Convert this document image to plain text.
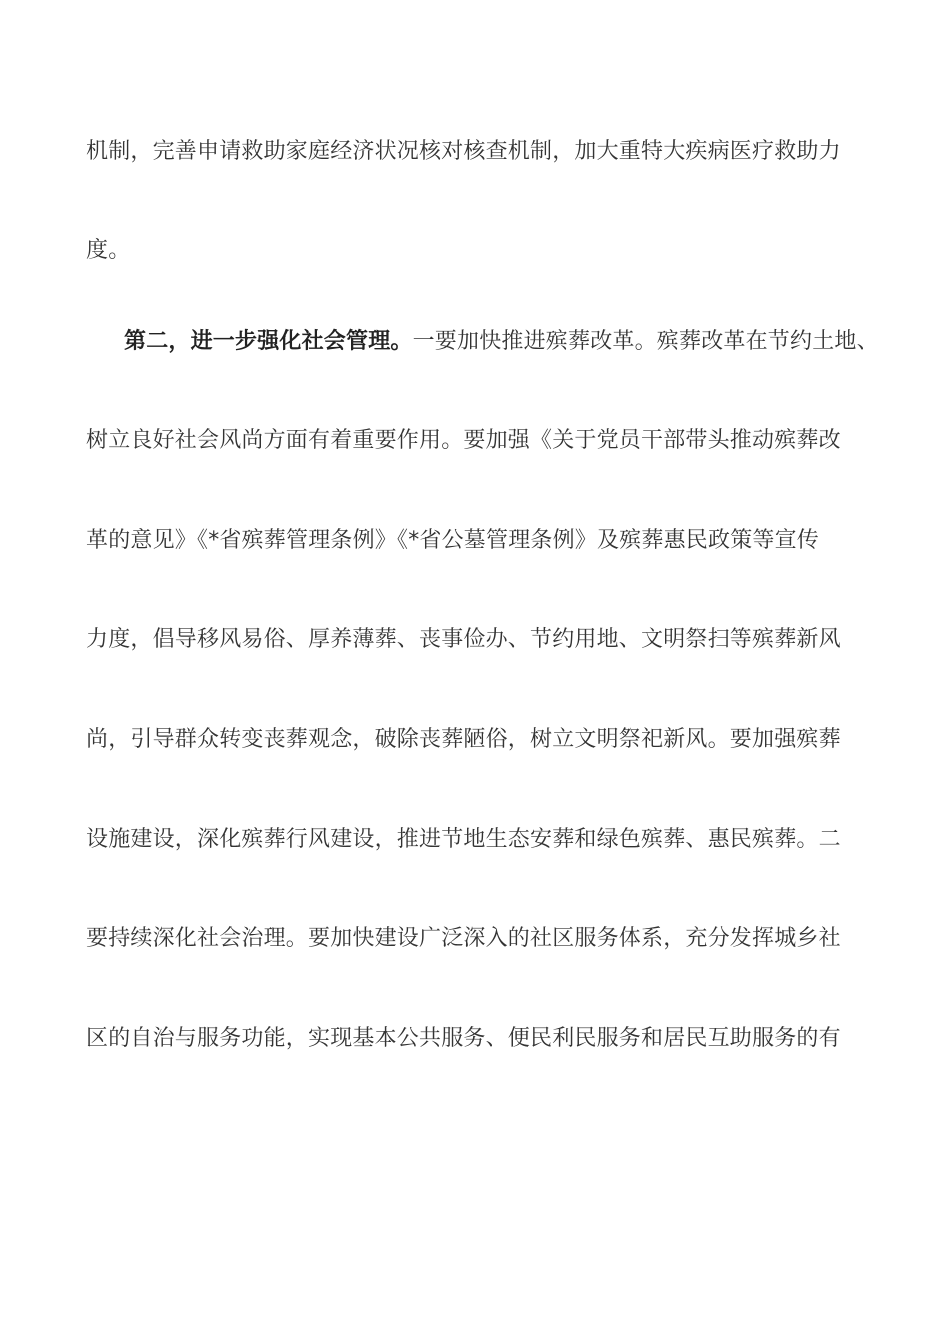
机制，完善申请救助家庭经济状况核对核查机制，加大重特大疾病医疗救助力
度。
第二，进一步强化社会管理。一要加快推进殡葬改革。殡葬改革在节约土地、
树立良好社会风尚方面有着重要作用。要加强《关于党员干部带头推动殡葬改
革的意见》《*省殡葬管理条例》《*省公墓管理条例》及殡葬惠民政策等宣传
力度，倡导移风易俗、厚养薄葬、丧事俭办、节约用地、文明祭扫等殡葬新风
尚，引导群众转变丧葬观念，破除丧葬陋俗，树立文明祭祀新风。要加强殡葬
设施建设，深化殡葬行风建设，推进节地生态安葬和绿色殡葬、惠民殡葬。二
要持续深化社会治理。要加快建设广泛深入的社区服务体系，充分发挥城乡社
区的自治与服务功能，实现基本公共服务、便民利民服务和居民互助服务的有
